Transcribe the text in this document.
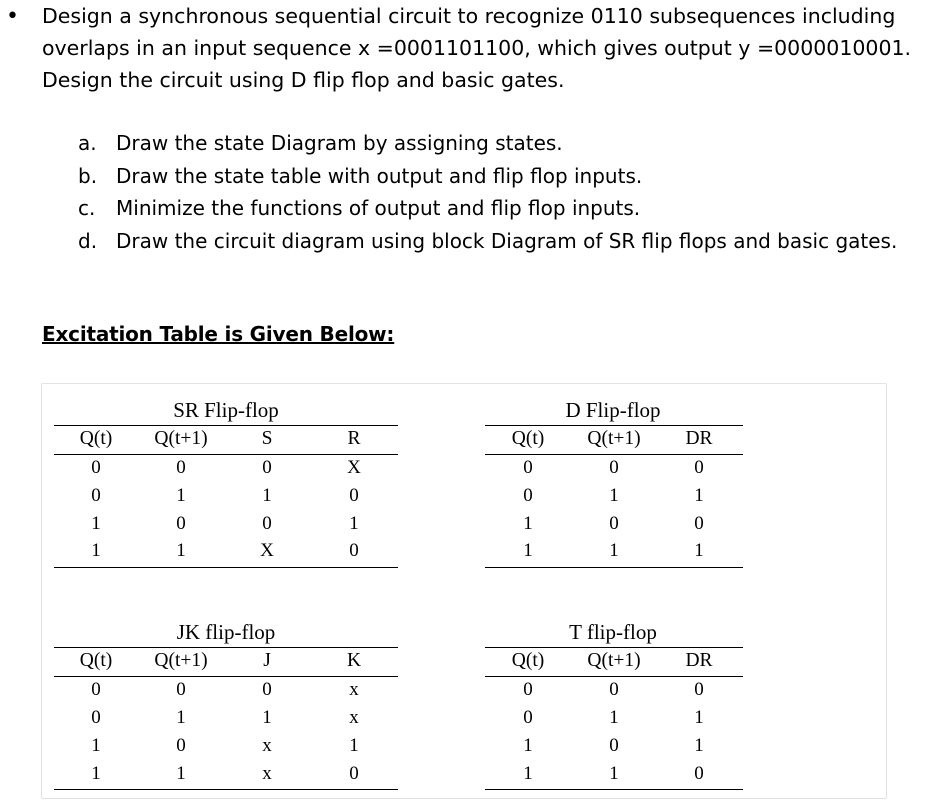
• Design a synchronous sequential circuit to recognize 0110 subsequences including

overlaps in an input sequence x =0001101100, which gives output y =0000010001.

Design the circuit using D flip flop and basic gates.

a. Draw the state Diagram by assigning states.
b. Draw the state table with output and flip flop inputs.
c. Minimize the functions of output and flip flop inputs.
d. Draw the circuit diagram using block Diagram of SR flip flops and basic gates.
Excitation Table is Given Below:
SR Flip-flop
Q(t) Q(t+1)	S	R
0	0	0	X
0	1	1	0
1	0	0	1
1	1	X	0
D Flip-flop
Q(t) Q(t+1) DR
0	0	0
0	1	1
1	0	0
1	1	1
JK flip-flop
Q(t) Q(t+1)	J	K
0	0	0	x
0	1	1	x
1	0	x	1
1	1	x	0
T flip-flop
Q(t) Q(t+1) DR
0	0	0
0	1	1
1	0	1
1	1	0
